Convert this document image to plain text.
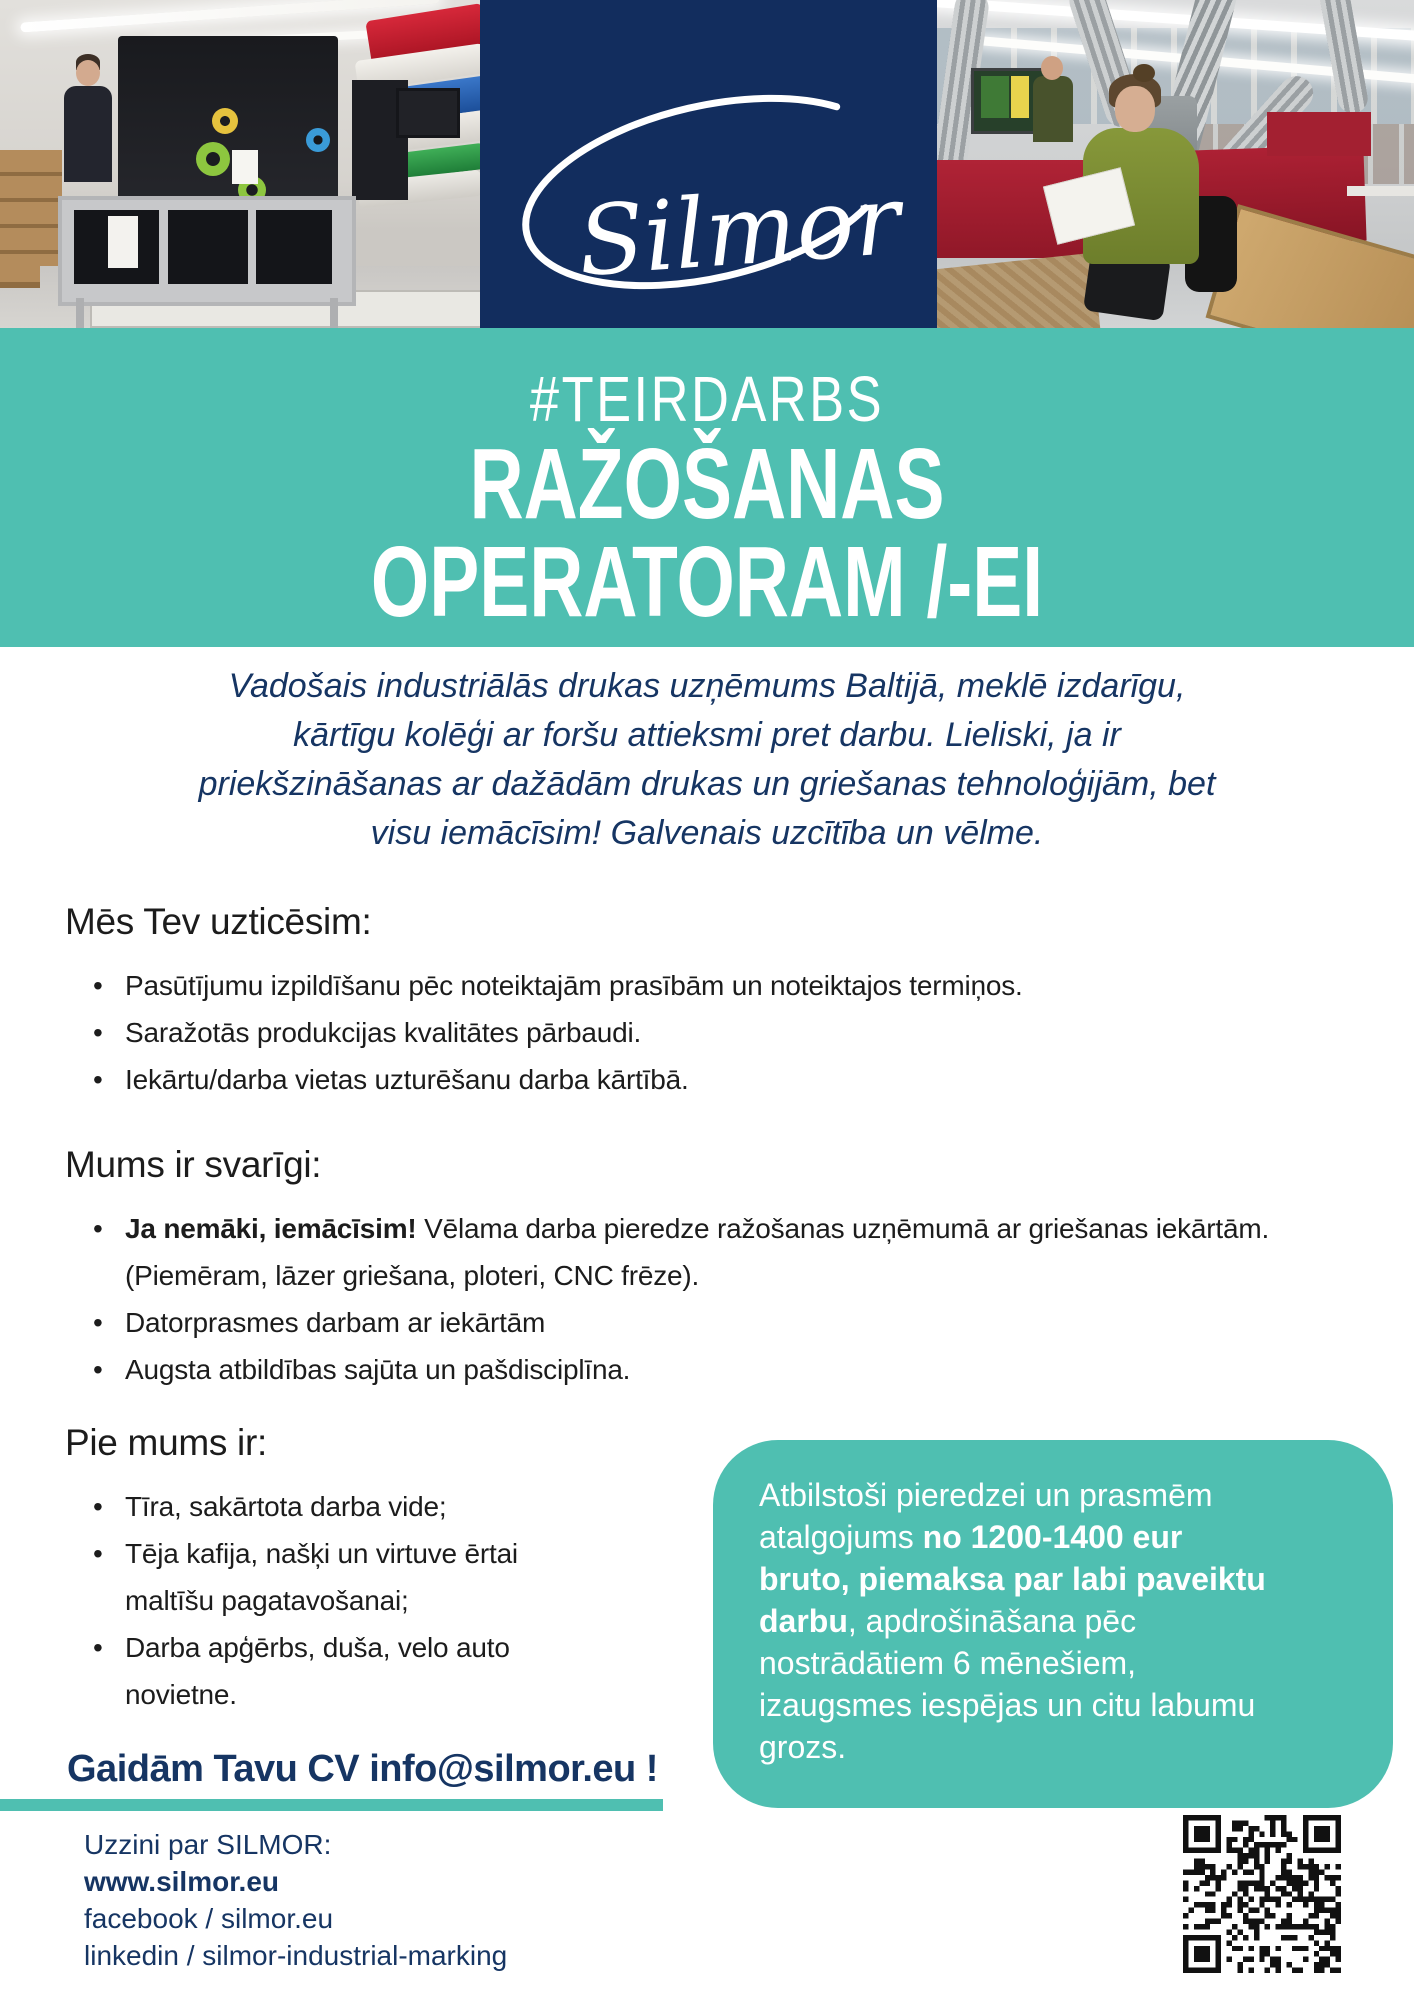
Silmor
#TEIRDARBS
RAŽOŠANAS
OPERATORAM /-EI
Vadošais industriālās drukas uzņēmums Baltijā, meklē izdarīgu,
kārtīgu kolēģi ar foršu attieksmi pret darbu. Lieliski, ja ir
priekšzināšanas ar dažādām drukas un griešanas tehnoloģijām, bet
visu iemācīsim! Galvenais uzcītība un vēlme.
Mēs Tev uzticēsim:
• Pasūtījumu izpildīšanu pēc noteiktajām prasībām un noteiktajos termiņos.
• Saražotās produkcijas kvalitātes pārbaudi.
• Iekārtu/darba vietas uzturēšanu darba kārtībā.
Mums ir svarīgi:
• Ja nemāki, iemācīsim! Vēlama darba pieredze ražošanas uzņēmumā ar griešanas iekārtām. (Piemēram, lāzer griešana, ploteri, CNC frēze).
• Datorprasmes darbam ar iekārtām
• Augsta atbildības sajūta un pašdisciplīna.
Pie mums ir:
• Tīra, sakārtota darba vide;
• Tēja kafija, našķi un virtuve ērtai maltīšu pagatavošanai;
• Darba apģērbs, duša, velo auto novietne.
Atbilstoši pieredzei un prasmēm atalgojums no 1200-1400 eur bruto, piemaksa par labi paveiktu darbu, apdrošināšana pēc nostrādātiem 6 mēnešiem, izaugsmes iespējas un citu labumu grozs.
Gaidām Tavu CV info@silmor.eu !
Uzzini par SILMOR:
www.silmor.eu
facebook / silmor.eu
linkedin / silmor-industrial-marking
